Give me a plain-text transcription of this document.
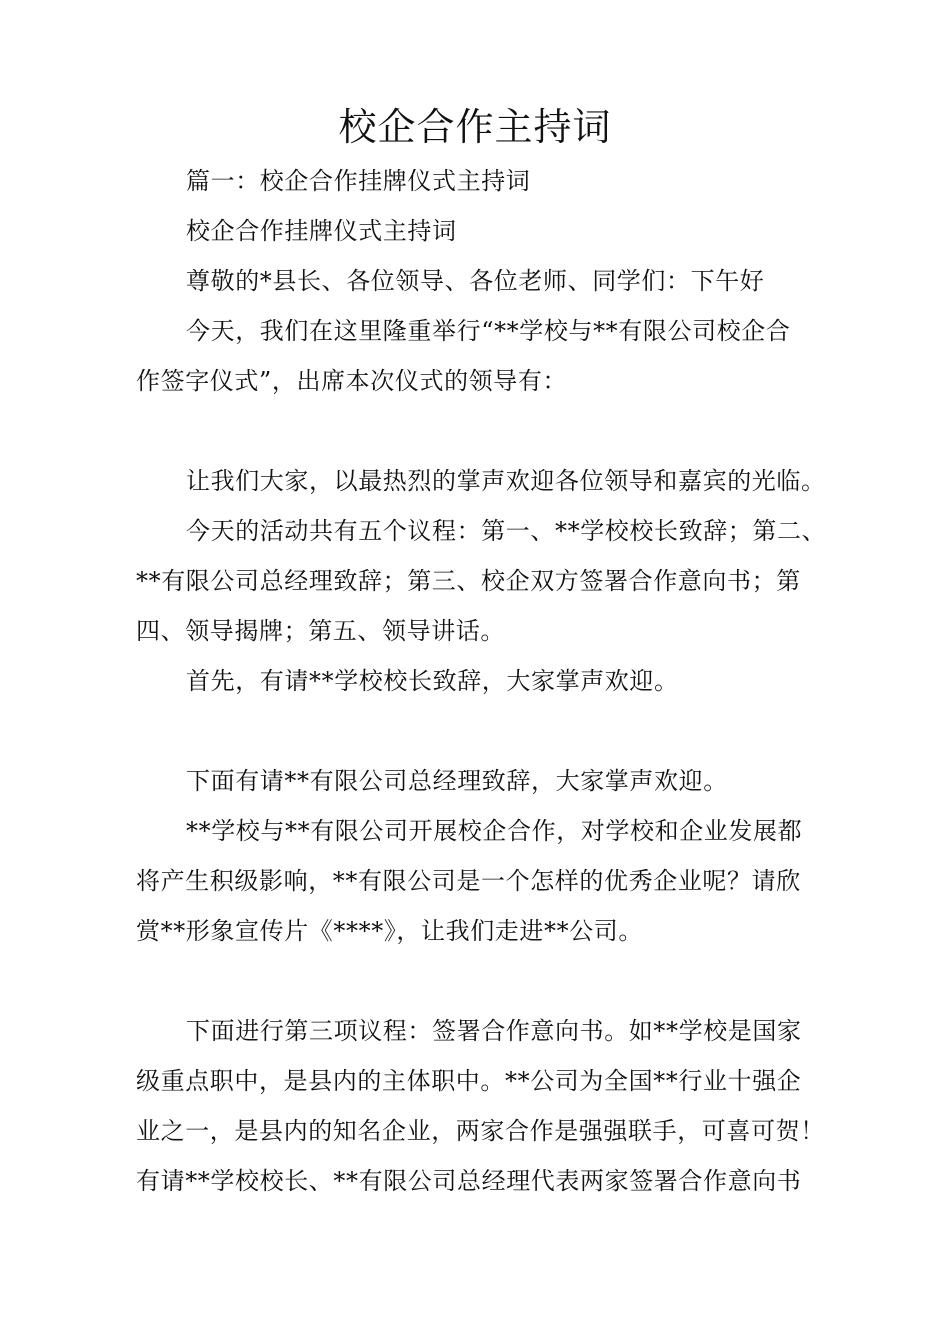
校企合作主持词

篇一：校企合作挂牌仪式主持词

校企合作挂牌仪式主持词

尊敬的*县长、各位领导、各位老师、同学们：下午好

今天，我们在这里隆重举行“**学校与**有限公司校企合

作签字仪式”，出席本次仪式的领导有：

让我们大家，以最热烈的掌声欢迎各位领导和嘉宾的光临。

今天的活动共有五个议程：第一、**学校校长致辞；第二、

**有限公司总经理致辞；第三、校企双方签署合作意向书；第

四、领导揭牌；第五、领导讲话。

首先，有请**学校校长致辞，大家掌声欢迎。

下面有请**有限公司总经理致辞，大家掌声欢迎。

**学校与**有限公司开展校企合作，对学校和企业发展都

将产生积级影响，**有限公司是一个怎样的优秀企业呢？请欣

赏**形象宣传片《****》，让我们走进**公司。

下面进行第三项议程：签署合作意向书。如**学校是国家

级重点职中，是县内的主体职中。**公司为全国**行业十强企

业之一，是县内的知名企业，两家合作是强强联手，可喜可贺！

有请**学校校长、**有限公司总经理代表两家签署合作意向书
